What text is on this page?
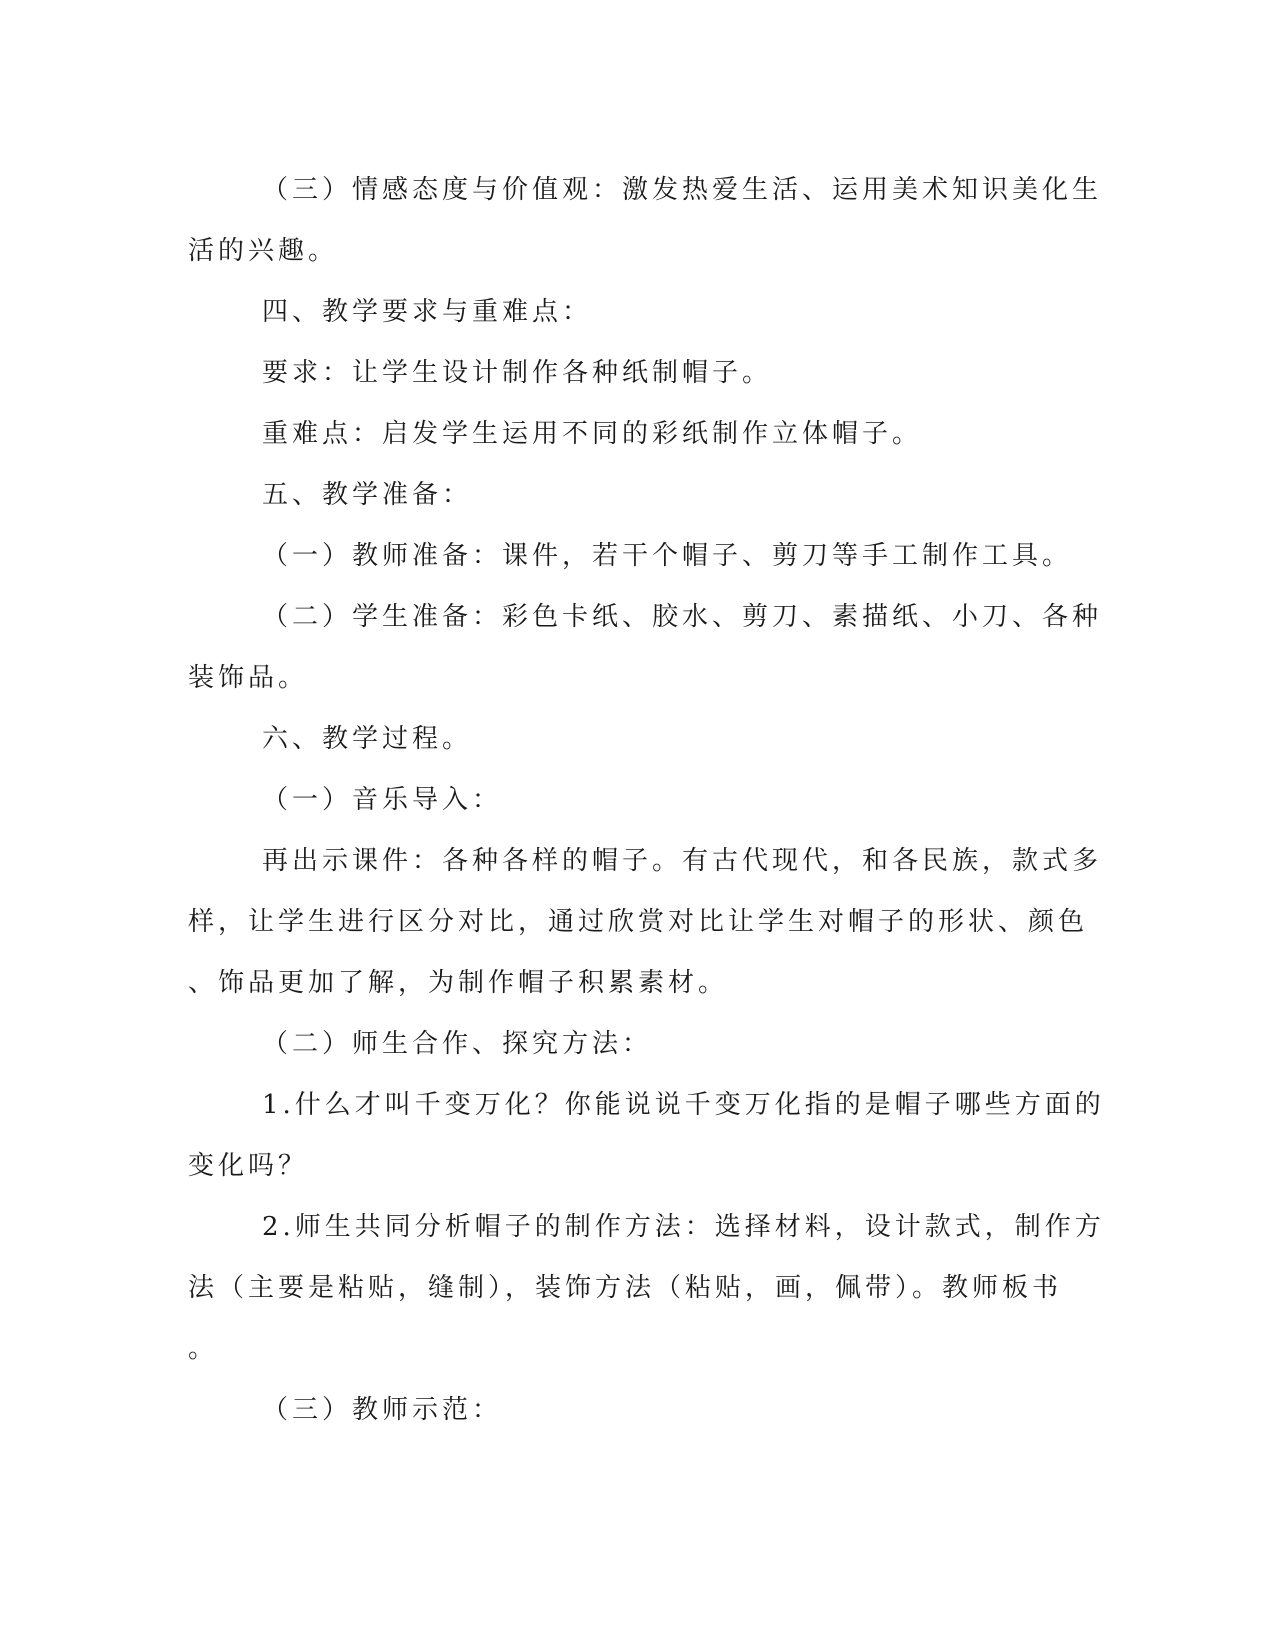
（三）情感态度与价值观：激发热爱生活、运用美术知识美化生
活的兴趣。
四、教学要求与重难点：
要求：让学生设计制作各种纸制帽子。
重难点：启发学生运用不同的彩纸制作立体帽子。
五、教学准备：
（一）教师准备：课件，若干个帽子、剪刀等手工制作工具。
（二）学生准备：彩色卡纸、胶水、剪刀、素描纸、小刀、各种
装饰品。
六、教学过程。
（一）音乐导入：
再出示课件：各种各样的帽子。有古代现代，和各民族，款式多
样，让学生进行区分对比，通过欣赏对比让学生对帽子的形状、颜色
、饰品更加了解，为制作帽子积累素材。
（二）师生合作、探究方法：
1.什么才叫千变万化？你能说说千变万化指的是帽子哪些方面的
变化吗？
2.师生共同分析帽子的制作方法：选择材料，设计款式，制作方
法（主要是粘贴，缝制），装饰方法（粘贴，画，佩带）。教师板书
。
（三）教师示范：
